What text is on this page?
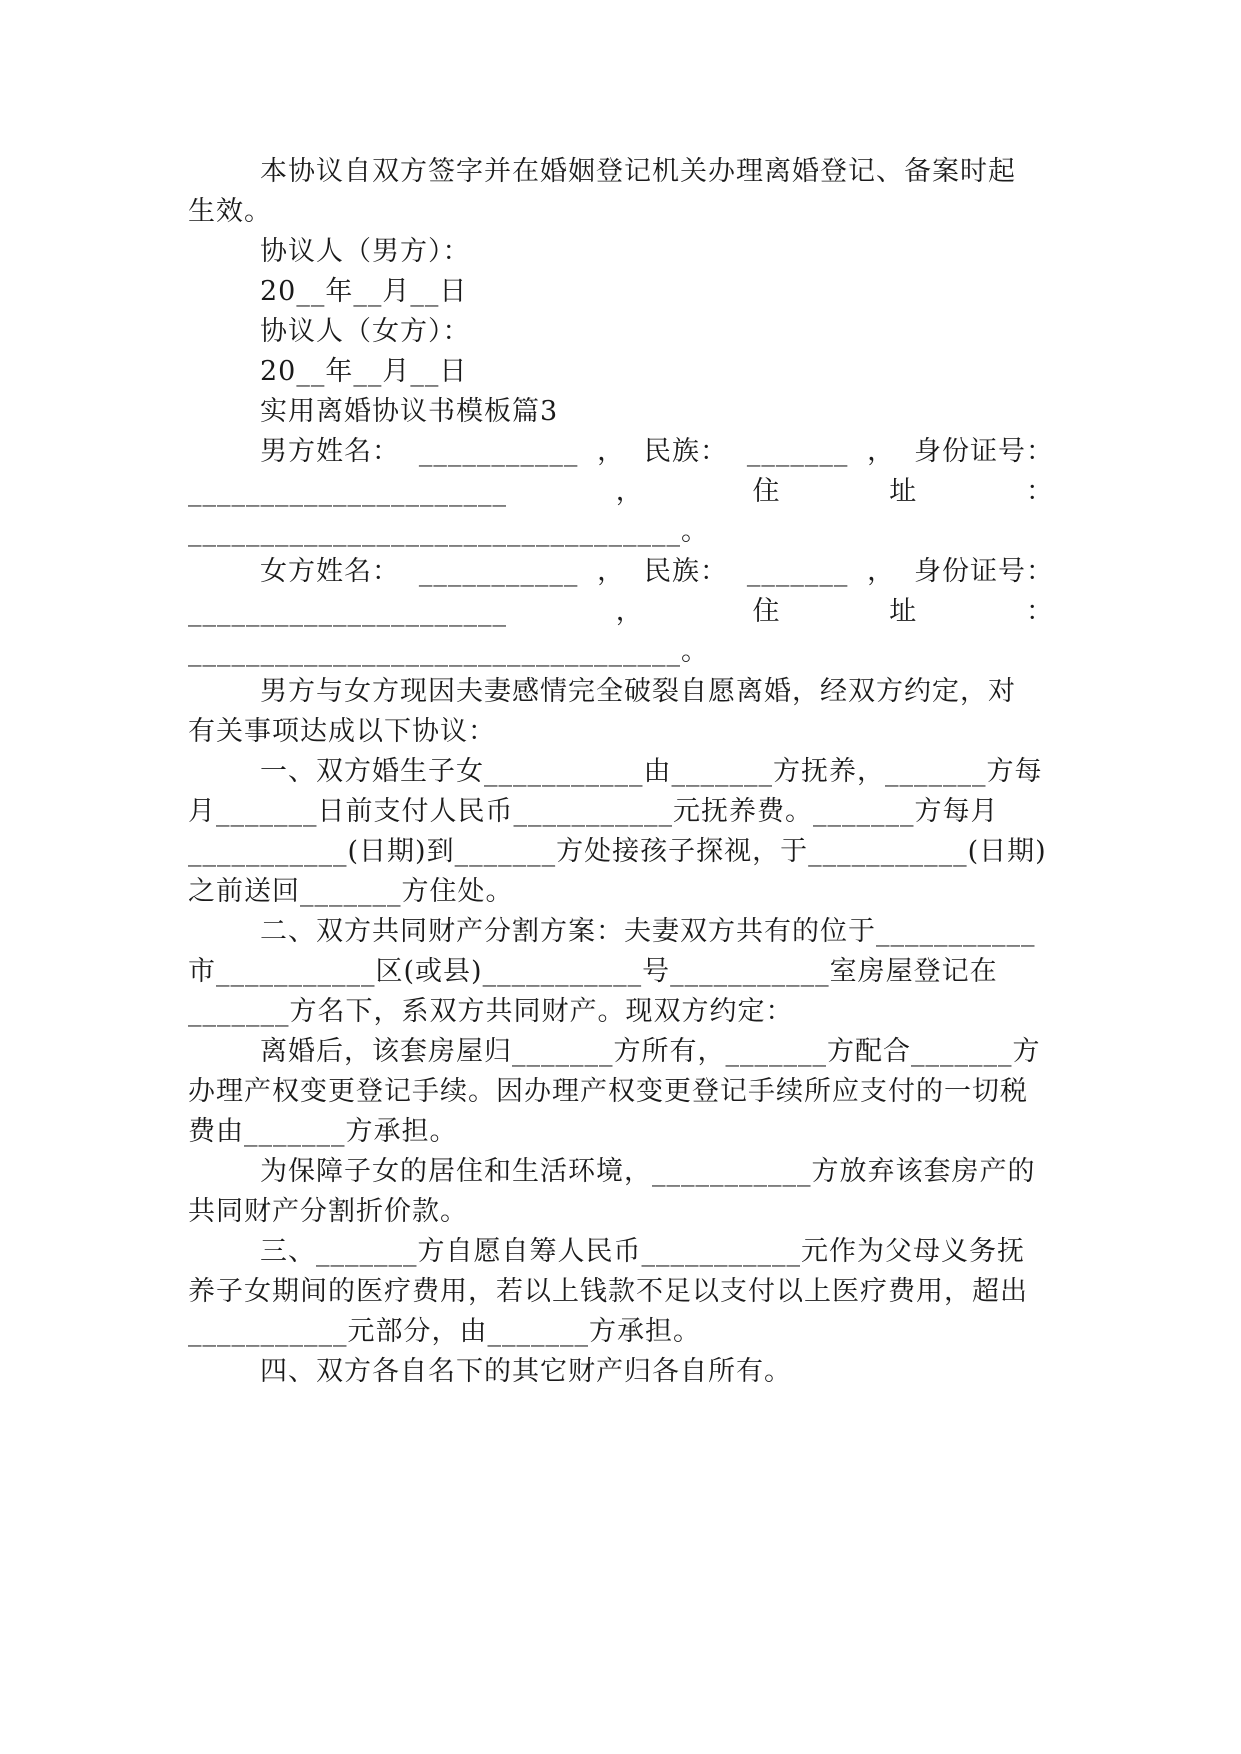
本协议自双方签字并在婚姻登记机关办理离婚登记、备案时起
生效。
协议人（男方）：
20__年__月__日
协议人（女方）：
20__年__月__日
实用离婚协议书模板篇3
男方姓名： ___________ ， 民族： _______ ， 身份证号：
______________________	，	住	址	：
__________________________________。
女方姓名： ___________ ， 民族： _______ ， 身份证号：
______________________	，	住	址	：
__________________________________。
男方与女方现因夫妻感情完全破裂自愿离婚，经双方约定，对
有关事项达成以下协议：
一、双方婚生子女___________由_______方抚养，_______方每
月_______日前支付人民币___________元抚养费。_______方每月
___________(日期)到_______方处接孩子探视，于___________(日期)
之前送回_______方住处。
二、双方共同财产分割方案：夫妻双方共有的位于___________
市___________区(或县)___________号___________室房屋登记在
_______方名下，系双方共同财产。现双方约定：
离婚后，该套房屋归_______方所有，_______方配合_______方
办理产权变更登记手续。因办理产权变更登记手续所应支付的一切税
费由_______方承担。
为保障子女的居住和生活环境，___________方放弃该套房产的
共同财产分割折价款。
三、_______方自愿自筹人民币___________元作为父母义务抚
养子女期间的医疗费用，若以上钱款不足以支付以上医疗费用，超出
___________元部分，由_______方承担。
四、双方各自名下的其它财产归各自所有。
